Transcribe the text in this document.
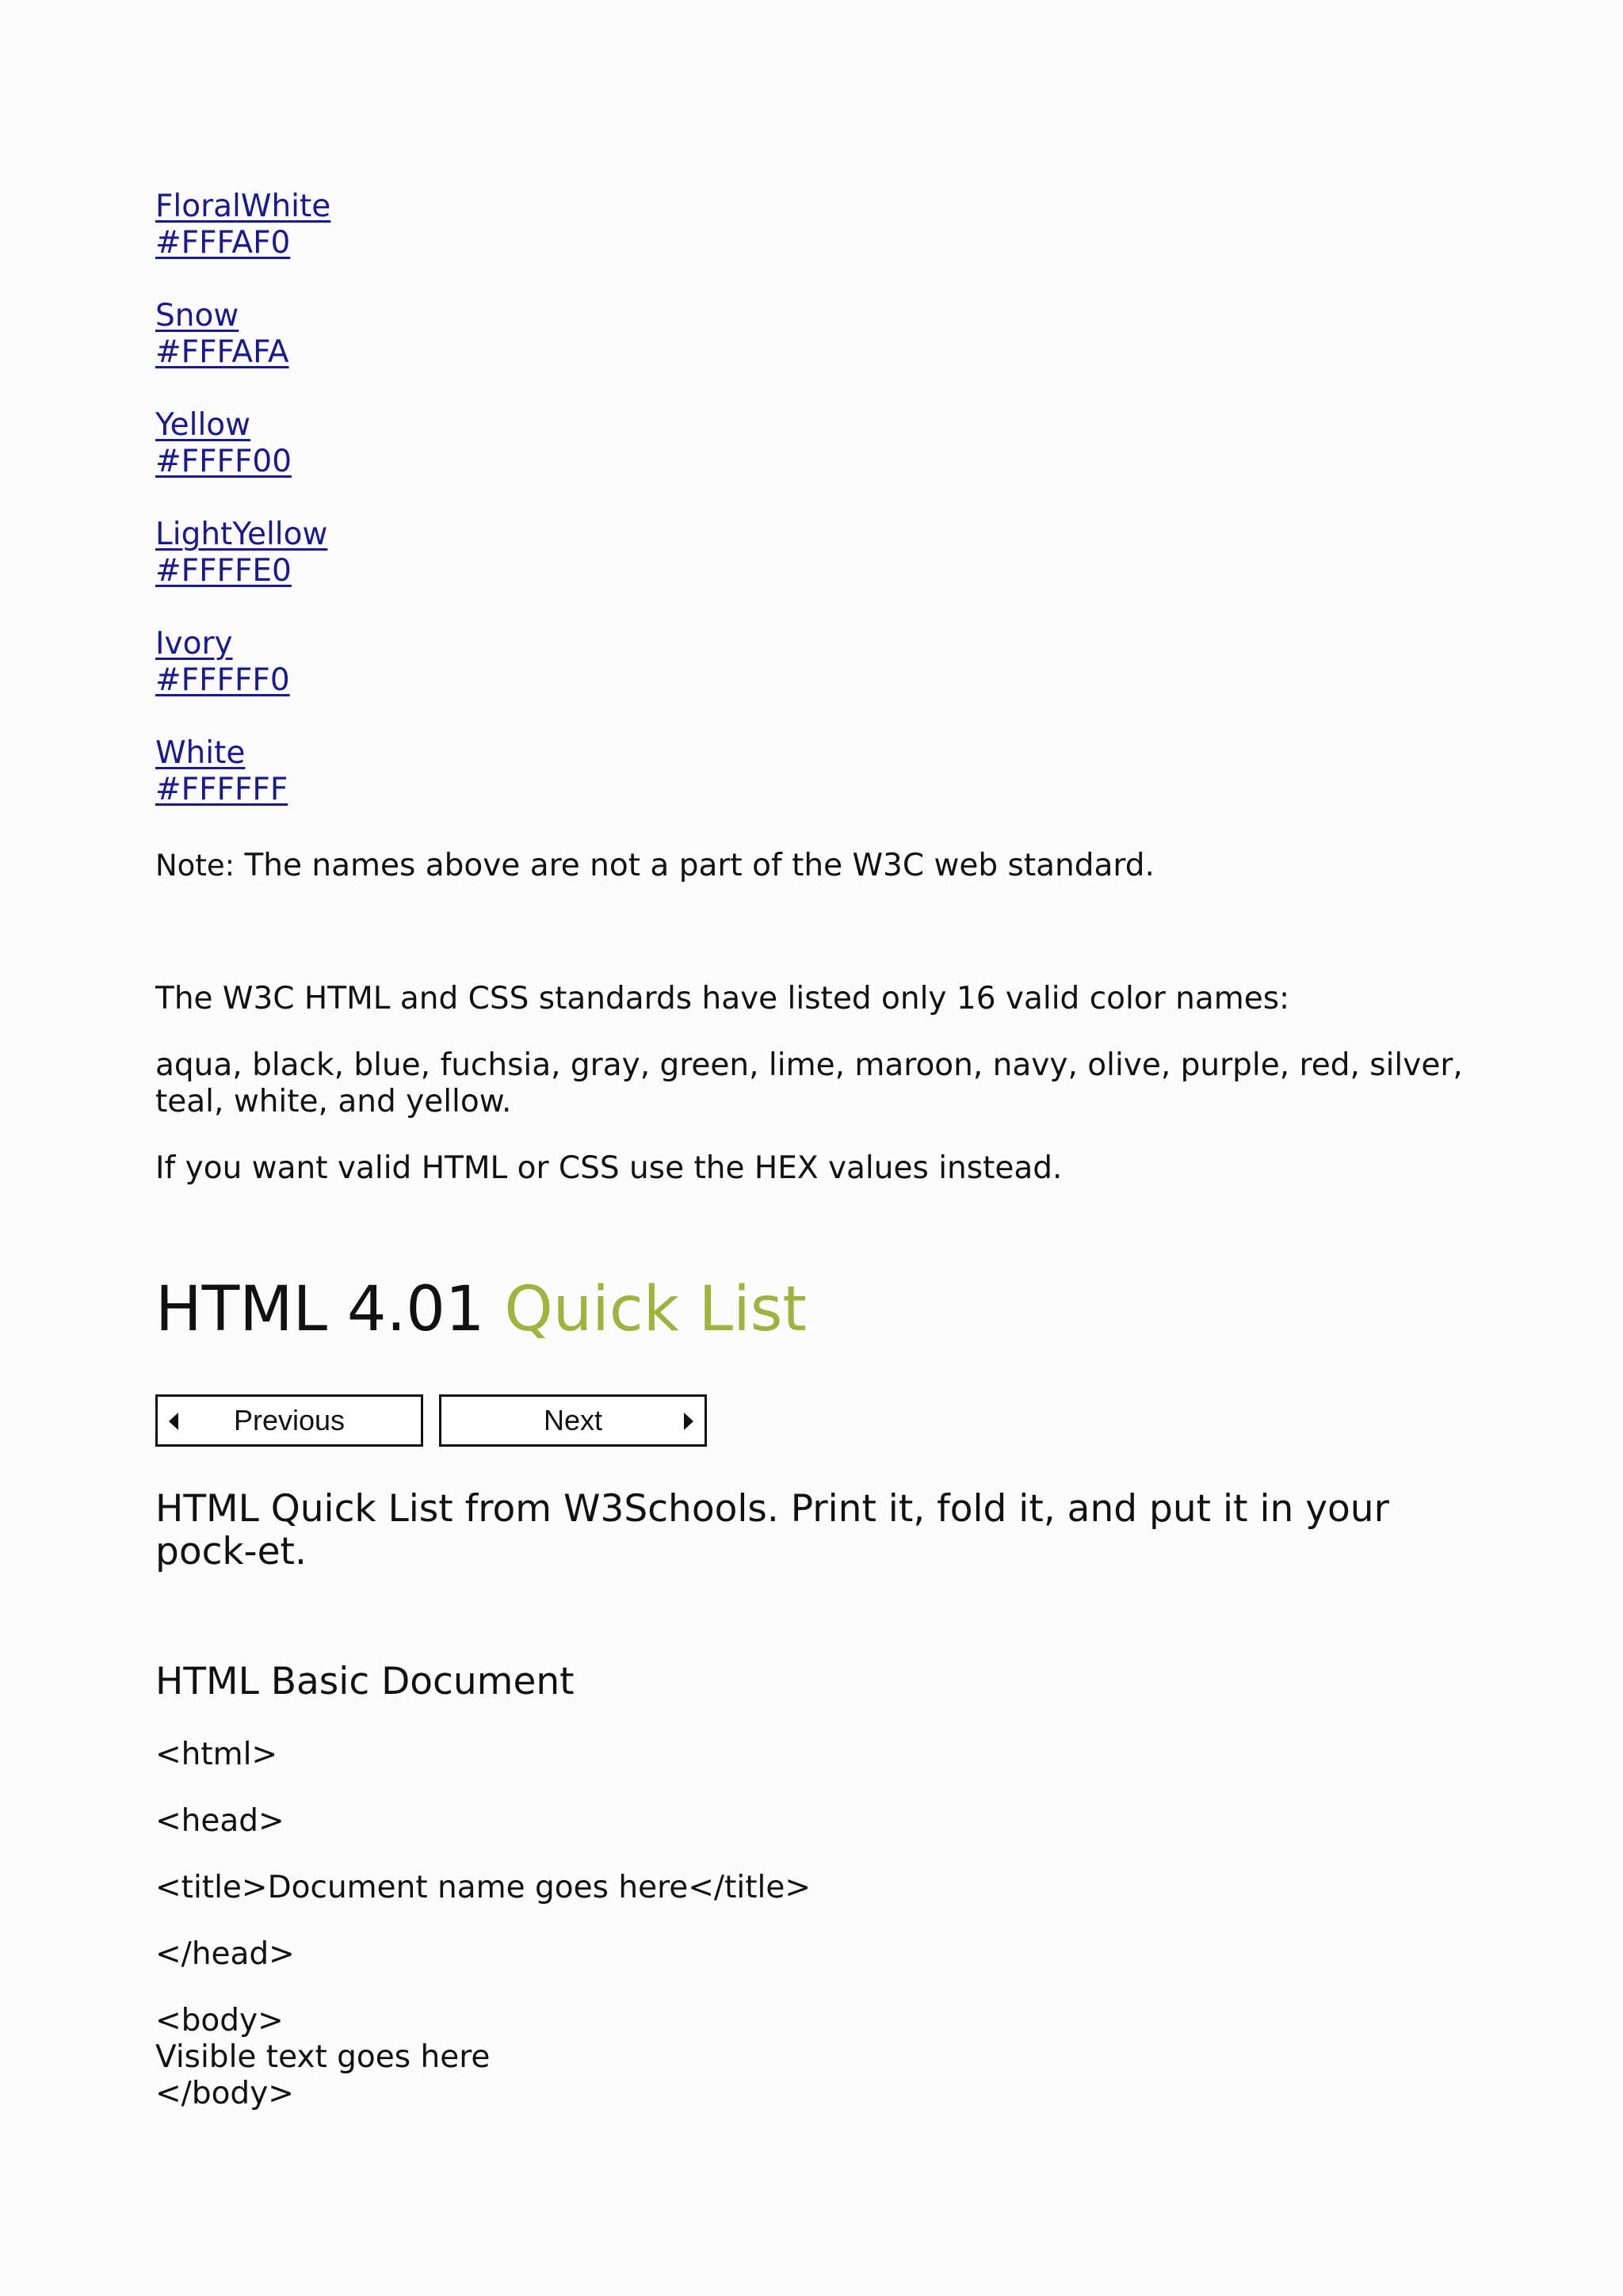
FloralWhite
#FFFAF0
Snow
#FFFAFA
Yellow
#FFFF00
LightYellow
#FFFFE0
Ivory
#FFFFF0
White
#FFFFFF
Note: The names above are not a part of the W3C web standard.
The W3C HTML and CSS standards have listed only 16 valid color names:
aqua, black, blue, fuchsia, gray, green, lime, maroon, navy, olive, purple, red, silver, teal, white, and yellow.
If you want valid HTML or CSS use the HEX values instead.
HTML 4.01 Quick List
Previous	Next
HTML Quick List from W3Schools. Print it, fold it, and put it in your pock-et.
HTML Basic Document
<html>
<head>
<title>Document name goes here</title>
</head>
<body>
Visible text goes here
</body>
